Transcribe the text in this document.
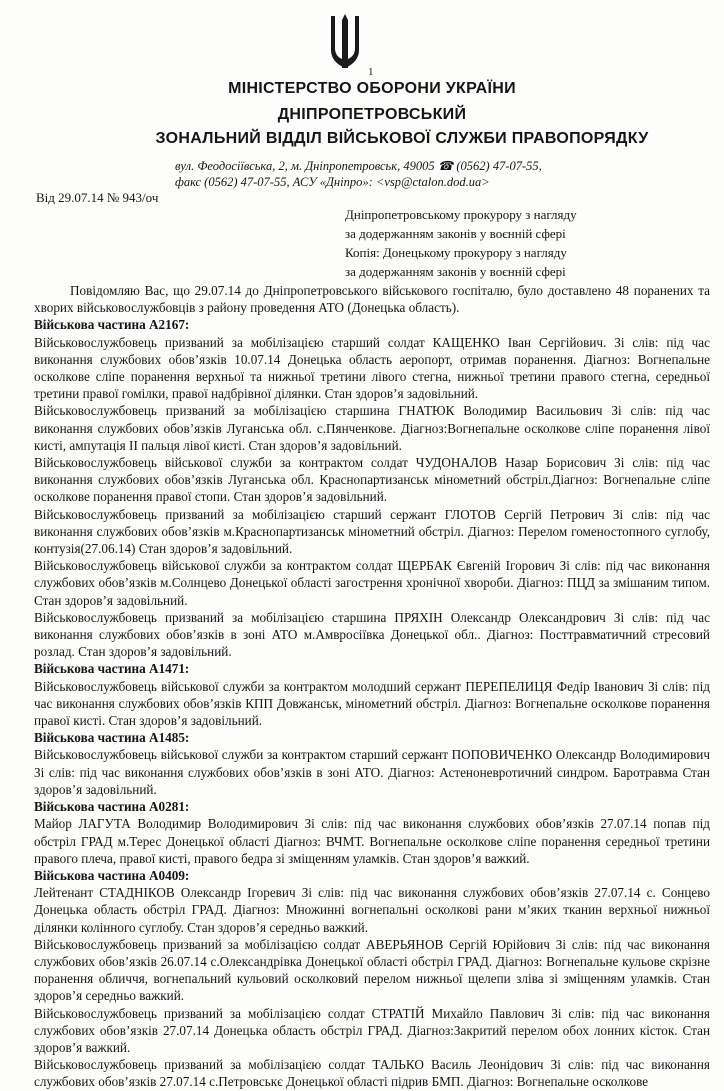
1
МІНІСТЕРСТВО ОБОРОНИ УКРАЇНИ
ДНІПРОПЕТРОВСЬКИЙ
ЗОНАЛЬНИЙ ВІДДІЛ ВІЙСЬКОВОЇ СЛУЖБИ ПРАВОПОРЯДКУ
вул. Феодосіївська, 2, м. Дніпропетровськ, 49005 ☎ (0562) 47-07-55,
факс (0562) 47-07-55, АСУ «Дніпро»: <vsp@ctalon.dod.ua>
Від 29.07.14 № 943/оч
Дніпропетровському прокурору з нагляду
за додержанням законів у воєнній сфері
Копія: Донецькому прокурору з нагляду
за додержанням законів у воєнній сфері

Повідомляю Вас, що 29.07.14 до Дніпропетровського військового госпіталю, було доставлено 48 поранених та хворих військовослужбовців з району проведення АТО (Донецька область).

Військова частина А2167:

Військовослужбовець призваний за мобілізацією старший солдат КАЩЕНКО Іван Сергійович. Зі слів: під час виконання службових обов’язків 10.07.14 Донецька область аеропорт, отримав поранення. Діагноз: Вогнепальне осколкове сліпе поранення верхньої та нижньої третини лівого стегна, нижньої третини правого стегна, середньої третини правої гомілки, правої надбрівної ділянки. Стан здоров’я задовільний.

Військовослужбовець призваний за мобілізацією старшина ГНАТЮК Володимир Васильович Зі слів: під час виконання службових обов’язків Луганська обл. с.Пянченкове. Діагноз:Вогнепальне осколкове сліпе поранення лівої кисті, ампутація II пальця лівої кисті. Стан здоров’я задовільний.

Військовослужбовець військової служби за контрактом солдат ЧУДОНАЛОВ Назар Борисович Зі слів: під час виконання службових обов’язків Луганська обл. Краснопартизанськ мінометний обстріл.Діагноз: Вогнепальне сліпе осколкове поранення правої стопи. Стан здоров’я задовільний.

Військовослужбовець призваний за мобілізацією старший сержант ГЛОТОВ Сергій Петрович Зі слів: під час виконання службових обов’язків м.Краснопартизанськ мінометний обстріл. Діагноз: Перелом гоменостопного суглобу, контузія(27.06.14) Стан здоров’я задовільний.

Військовослужбовець військової служби за контрактом солдат ЩЕРБАК Євгеній Ігорович Зі слів: під час виконання службових обов’язків м.Солнцево Донецької області загострення хронічної хвороби. Діагноз: ПЦД за змішаним типом. Стан здоров’я задовільний.

Військовослужбовець призваний за мобілізацією старшина ПРЯХІН Олександр Олександрович Зі слів: під час виконання службових обов’язків в зоні АТО м.Амвросіївка Донецької обл.. Діагноз: Посттравматичний стресовий розлад. Стан здоров’я задовільний.

Військова частина А1471:

Військовослужбовець військової служби за контрактом молодший сержант ПЕРЕПЕЛИЦЯ Федір Іванович Зі слів: під час виконання службових обов’язків КПП Довжанськ, мінометний обстріл. Діагноз: Вогнепальне осколкове поранення правої кисті. Стан здоров’я задовільний.

Військова частина А1485:

Військовослужбовець військової служби за контрактом старший сержант ПОПОВИЧЕНКО Олександр Володимирович Зі слів: під час виконання службових обов’язків в зоні АТО. Діагноз: Астеноневротичний синдром. Баротравма Стан здоров’я задовільний.

Військова частина А0281:

Майор ЛАГУТА Володимир Володимирович Зі слів: під час виконання службових обов’язків 27.07.14 попав під обстріл ГРАД м.Терес Донецької області Діагноз: ВЧМТ. Вогнепальне осколкове сліпе поранення середньої третини правого плеча, правої кисті, правого бедра зі зміщенням уламків. Стан здоров’я важкий.

Військова частина А0409:

Лейтенант СТАДНІКОВ Олександр Ігоревич Зі слів: під час виконання службових обов’язків 27.07.14 с. Сонцево Донецька область обстріл ГРАД. Діагноз: Множинні вогнепальні осколкові рани м’яких тканин верхньої нижньої ділянки колінного суглобу. Стан здоров’я середньо важкий.

Військовослужбовець призваний за мобілізацією солдат АВЕРЬЯНОВ Сергій Юрійович Зі слів: під час виконання службових обов’язків 26.07.14 с.Олександрівка Донецької області обстріл ГРАД. Діагноз: Вогнепальне кульове скрізне поранення обличчя, вогнепальний кульовий осколковий перелом нижньої щелепи зліва зі зміщенням уламків. Стан здоров’я середньо важкий.

Військовослужбовець призваний за мобілізацією солдат СТРАТІЙ Михайло Павлович Зі слів: під час виконання службових обов’язків 27.07.14 Донецька область обстріл ГРАД. Діагноз:Закритий перелом обох лонних кісток. Стан здоров’я важкий.

Військовослужбовець призваний за мобілізацією солдат ТАЛЬКО Василь Леонідович Зі слів: під час виконання службових обов’язків 27.07.14 с.Петровськє Донецької області підрив БМП. Діагноз: Вогнепальне осколкове
